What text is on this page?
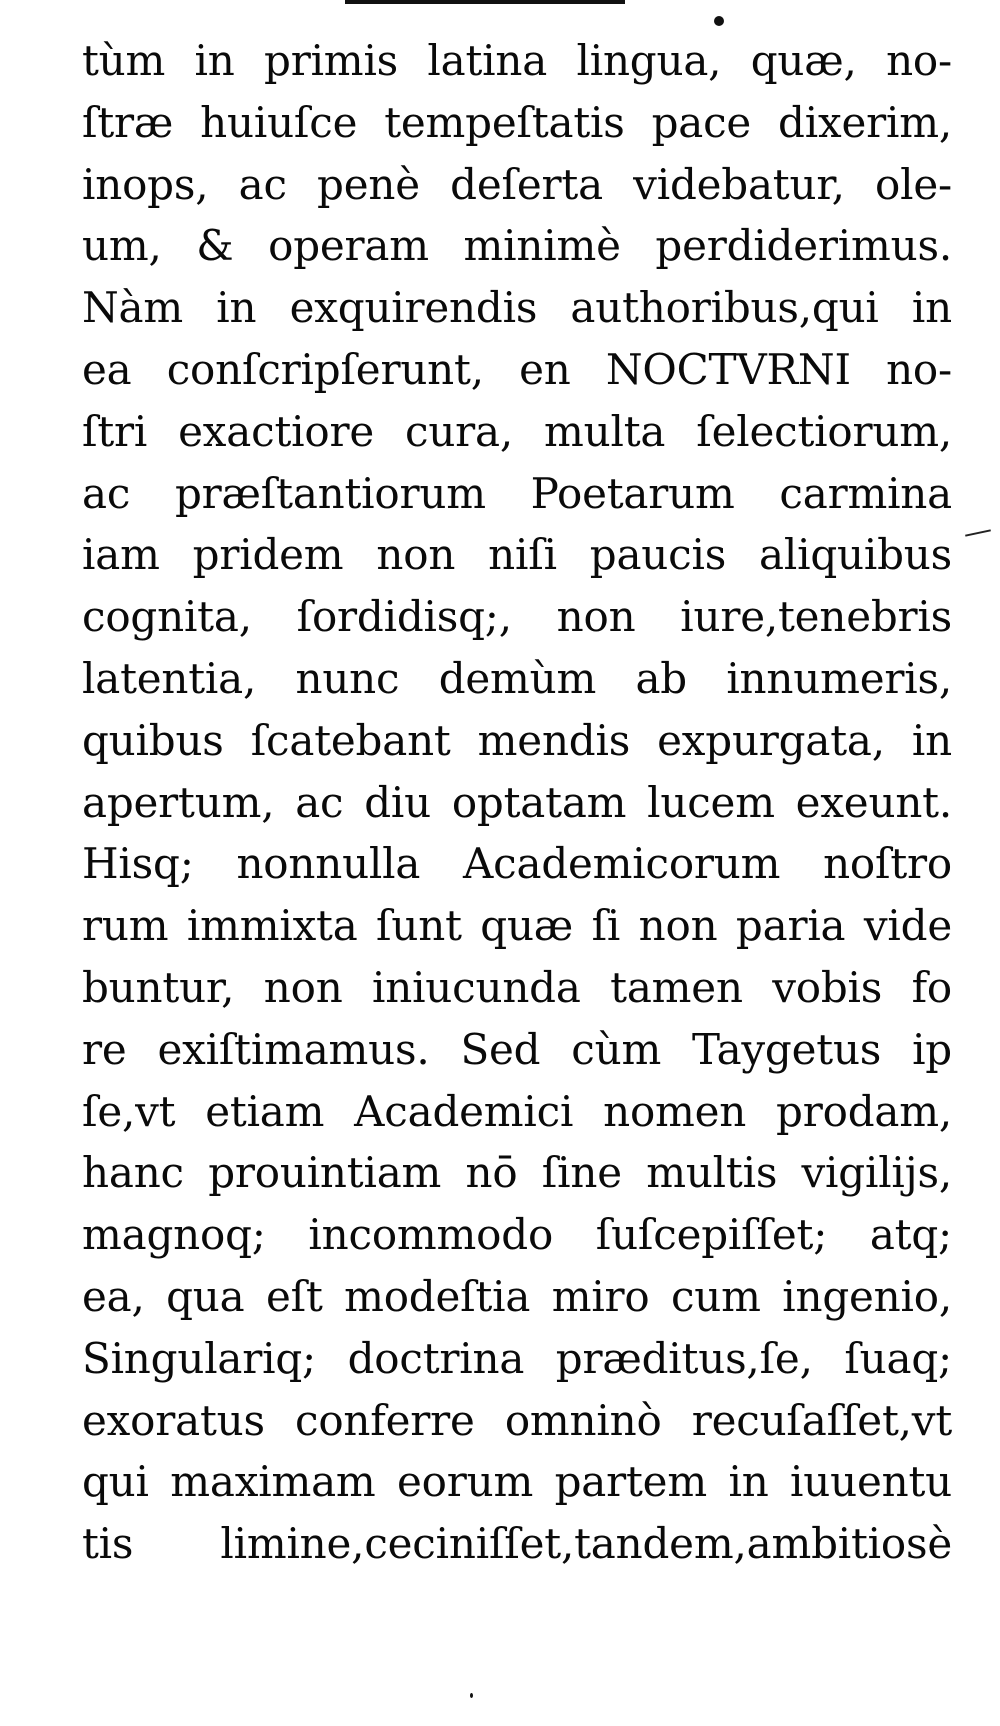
tùm in primis latina lingua, quæ, no-
ſtræ huiuſce tempeſtatis pace dixerim,
inops, ac penè deſerta videbatur, ole-
um, & operam minimè perdiderimus.
Nàm in exquirendis authoribus,qui in
ea conſcripſerunt, en NOCTVRNI no-
ſtri exactiore cura, multa ſelectiorum,
ac præſtantiorum Poetarum carmina
iam pridem non niſi paucis aliquibus
cognita, ſordidisq;, non iure,tenebris
latentia, nunc demùm ab innumeris,
quibus ſcatebant mendis expurgata, in
apertum, ac diu optatam lucem exeunt.
Hisq; nonnulla Academicorum noſtro
rum immixta ſunt quæ ſi non paria vide
buntur, non iniucunda tamen vobis fo
re exiſtimamus. Sed cùm Taygetus ip
ſe,vt etiam Academici nomen prodam,
hanc prouintiam nō ſine multis vigilijs,
magnoq; incommodo ſuſcepiſſet; atq;
ea, qua eſt modeſtia miro cum ingenio,
Singulariq; doctrina præditus,ſe, ſuaq;
exoratus conferre omninò recuſaſſet,vt
qui maximam eorum partem in iuuentu
tis limine,ceciniſſet,tandem,ambitiosè
